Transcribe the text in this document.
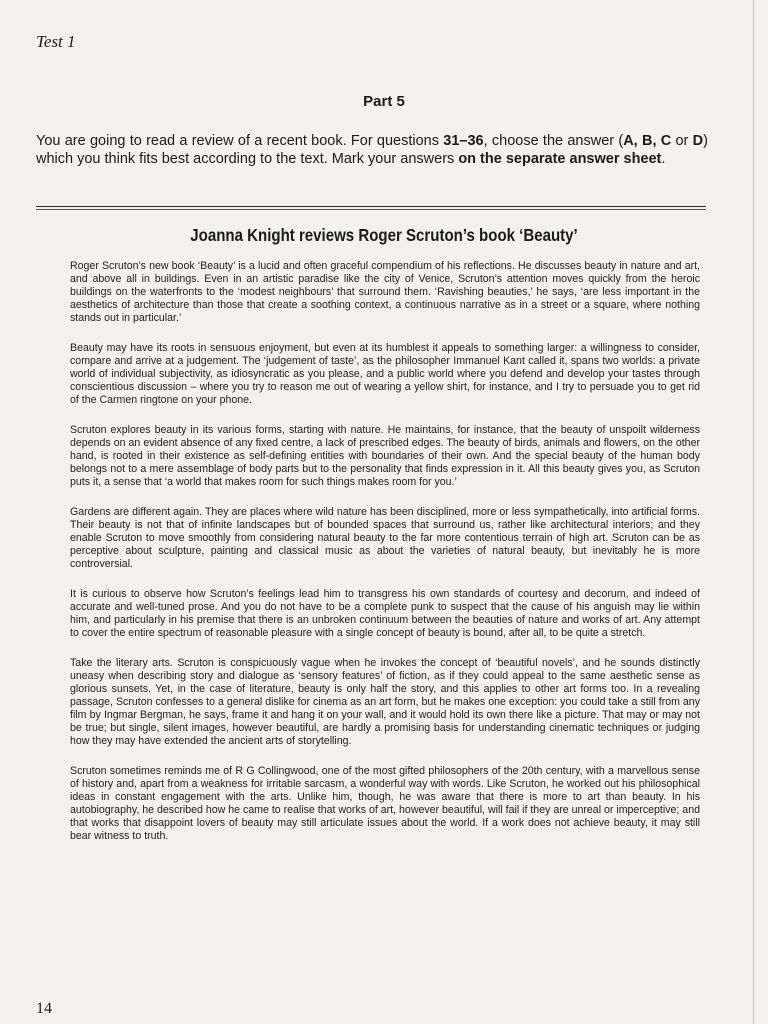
Test 1
Part 5
You are going to read a review of a recent book. For questions 31–36, choose the answer (A, B, C or D) which you think fits best according to the text. Mark your answers on the separate answer sheet.
Joanna Knight reviews Roger Scruton’s book ‘Beauty’

Roger Scruton’s new book ‘Beauty’ is a lucid and often graceful compendium of his reflections. He discusses beauty in nature and art, and above all in buildings. Even in an artistic paradise like the city of Venice, Scruton’s attention moves quickly from the heroic buildings on the waterfronts to the ‘modest neighbours’ that surround them. ‘Ravishing beauties,’ he says, ‘are less important in the aesthetics of architecture than those that create a soothing context, a continuous narrative as in a street or a square, where nothing stands out in particular.’

Beauty may have its roots in sensuous enjoyment, but even at its humblest it appeals to something larger: a willingness to consider, compare and arrive at a judgement. The ‘judgement of taste’, as the philosopher Immanuel Kant called it, spans two worlds: a private world of individual subjectivity, as idiosyncratic as you please, and a public world where you defend and develop your tastes through conscientious discussion – where you try to reason me out of wearing a yellow shirt, for instance, and I try to persuade you to get rid of the Carmen ringtone on your phone.

Scruton explores beauty in its various forms, starting with nature. He maintains, for instance, that the beauty of unspoilt wilderness depends on an evident absence of any fixed centre, a lack of prescribed edges. The beauty of birds, animals and flowers, on the other hand, is rooted in their existence as self-defining entities with boundaries of their own. And the special beauty of the human body belongs not to a mere assemblage of body parts but to the personality that finds expression in it. All this beauty gives you, as Scruton puts it, a sense that ‘a world that makes room for such things makes room for you.’

Gardens are different again. They are places where wild nature has been disciplined, more or less sympathetically, into artificial forms. Their beauty is not that of infinite landscapes but of bounded spaces that surround us, rather like architectural interiors; and they enable Scruton to move smoothly from considering natural beauty to the far more contentious terrain of high art. Scruton can be as perceptive about sculpture, painting and classical music as about the varieties of natural beauty, but inevitably he is more controversial.

It is curious to observe how Scruton’s feelings lead him to transgress his own standards of courtesy and decorum, and indeed of accurate and well-tuned prose. And you do not have to be a complete punk to suspect that the cause of his anguish may lie within him, and particularly in his premise that there is an unbroken continuum between the beauties of nature and works of art. Any attempt to cover the entire spectrum of reasonable pleasure with a single concept of beauty is bound, after all, to be quite a stretch.

Take the literary arts. Scruton is conspicuously vague when he invokes the concept of ‘beautiful novels’, and he sounds distinctly uneasy when describing story and dialogue as ‘sensory features’ of fiction, as if they could appeal to the same aesthetic sense as glorious sunsets. Yet, in the case of literature, beauty is only half the story, and this applies to other art forms too. In a revealing passage, Scruton confesses to a general dislike for cinema as an art form, but he makes one exception: you could take a still from any film by Ingmar Bergman, he says, frame it and hang it on your wall, and it would hold its own there like a picture. That may or may not be true; but single, silent images, however beautiful, are hardly a promising basis for understanding cinematic techniques or judging how they may have extended the ancient arts of storytelling.

Scruton sometimes reminds me of R G Collingwood, one of the most gifted philosophers of the 20th century, with a marvellous sense of history and, apart from a weakness for irritable sarcasm, a wonderful way with words. Like Scruton, he worked out his philosophical ideas in constant engagement with the arts. Unlike him, though, he was aware that there is more to art than beauty. In his autobiography, he described how he came to realise that works of art, however beautiful, will fail if they are unreal or imperceptive; and that works that disappoint lovers of beauty may still articulate issues about the world. If a work does not achieve beauty, it may still bear witness to truth.

14
